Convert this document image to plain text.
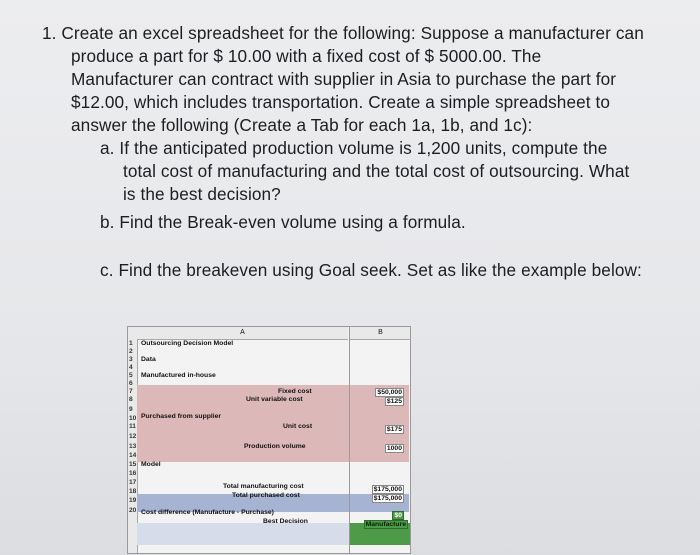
1. Create an excel spreadsheet for the following: Suppose a manufacturer can
produce a part for $ 10.00 with a fixed cost of $ 5000.00. The
Manufacturer can contract with supplier in Asia to purchase the part for
$12.00, which includes transportation. Create a simple spreadsheet to
answer the following (Create a Tab for each 1a, 1b, and 1c):
a. If the anticipated production volume is 1,200 units, compute the
total cost of manufacturing and the total cost of outsourcing. What
is the best decision?
b. Find the Break-even volume using a formula.
c. Find the breakeven using Goal seek. Set as like the example below:
A	B
1
2
3
4
5
6
7
8
9
10
11
12
13
14
15
16
17
18
19
20
Outsourcing Decision Model
Data
Manufactured in-house
Fixed cost
Unit variable cost
Purchased from supplier
Unit cost
Production volume
Model
Total manufacturing cost
Total purchased cost
Cost difference (Manufacture - Purchase)
Best Decision
$50,000
$125
$175
1000
$175,000
$175,000
$0
Manufacture
